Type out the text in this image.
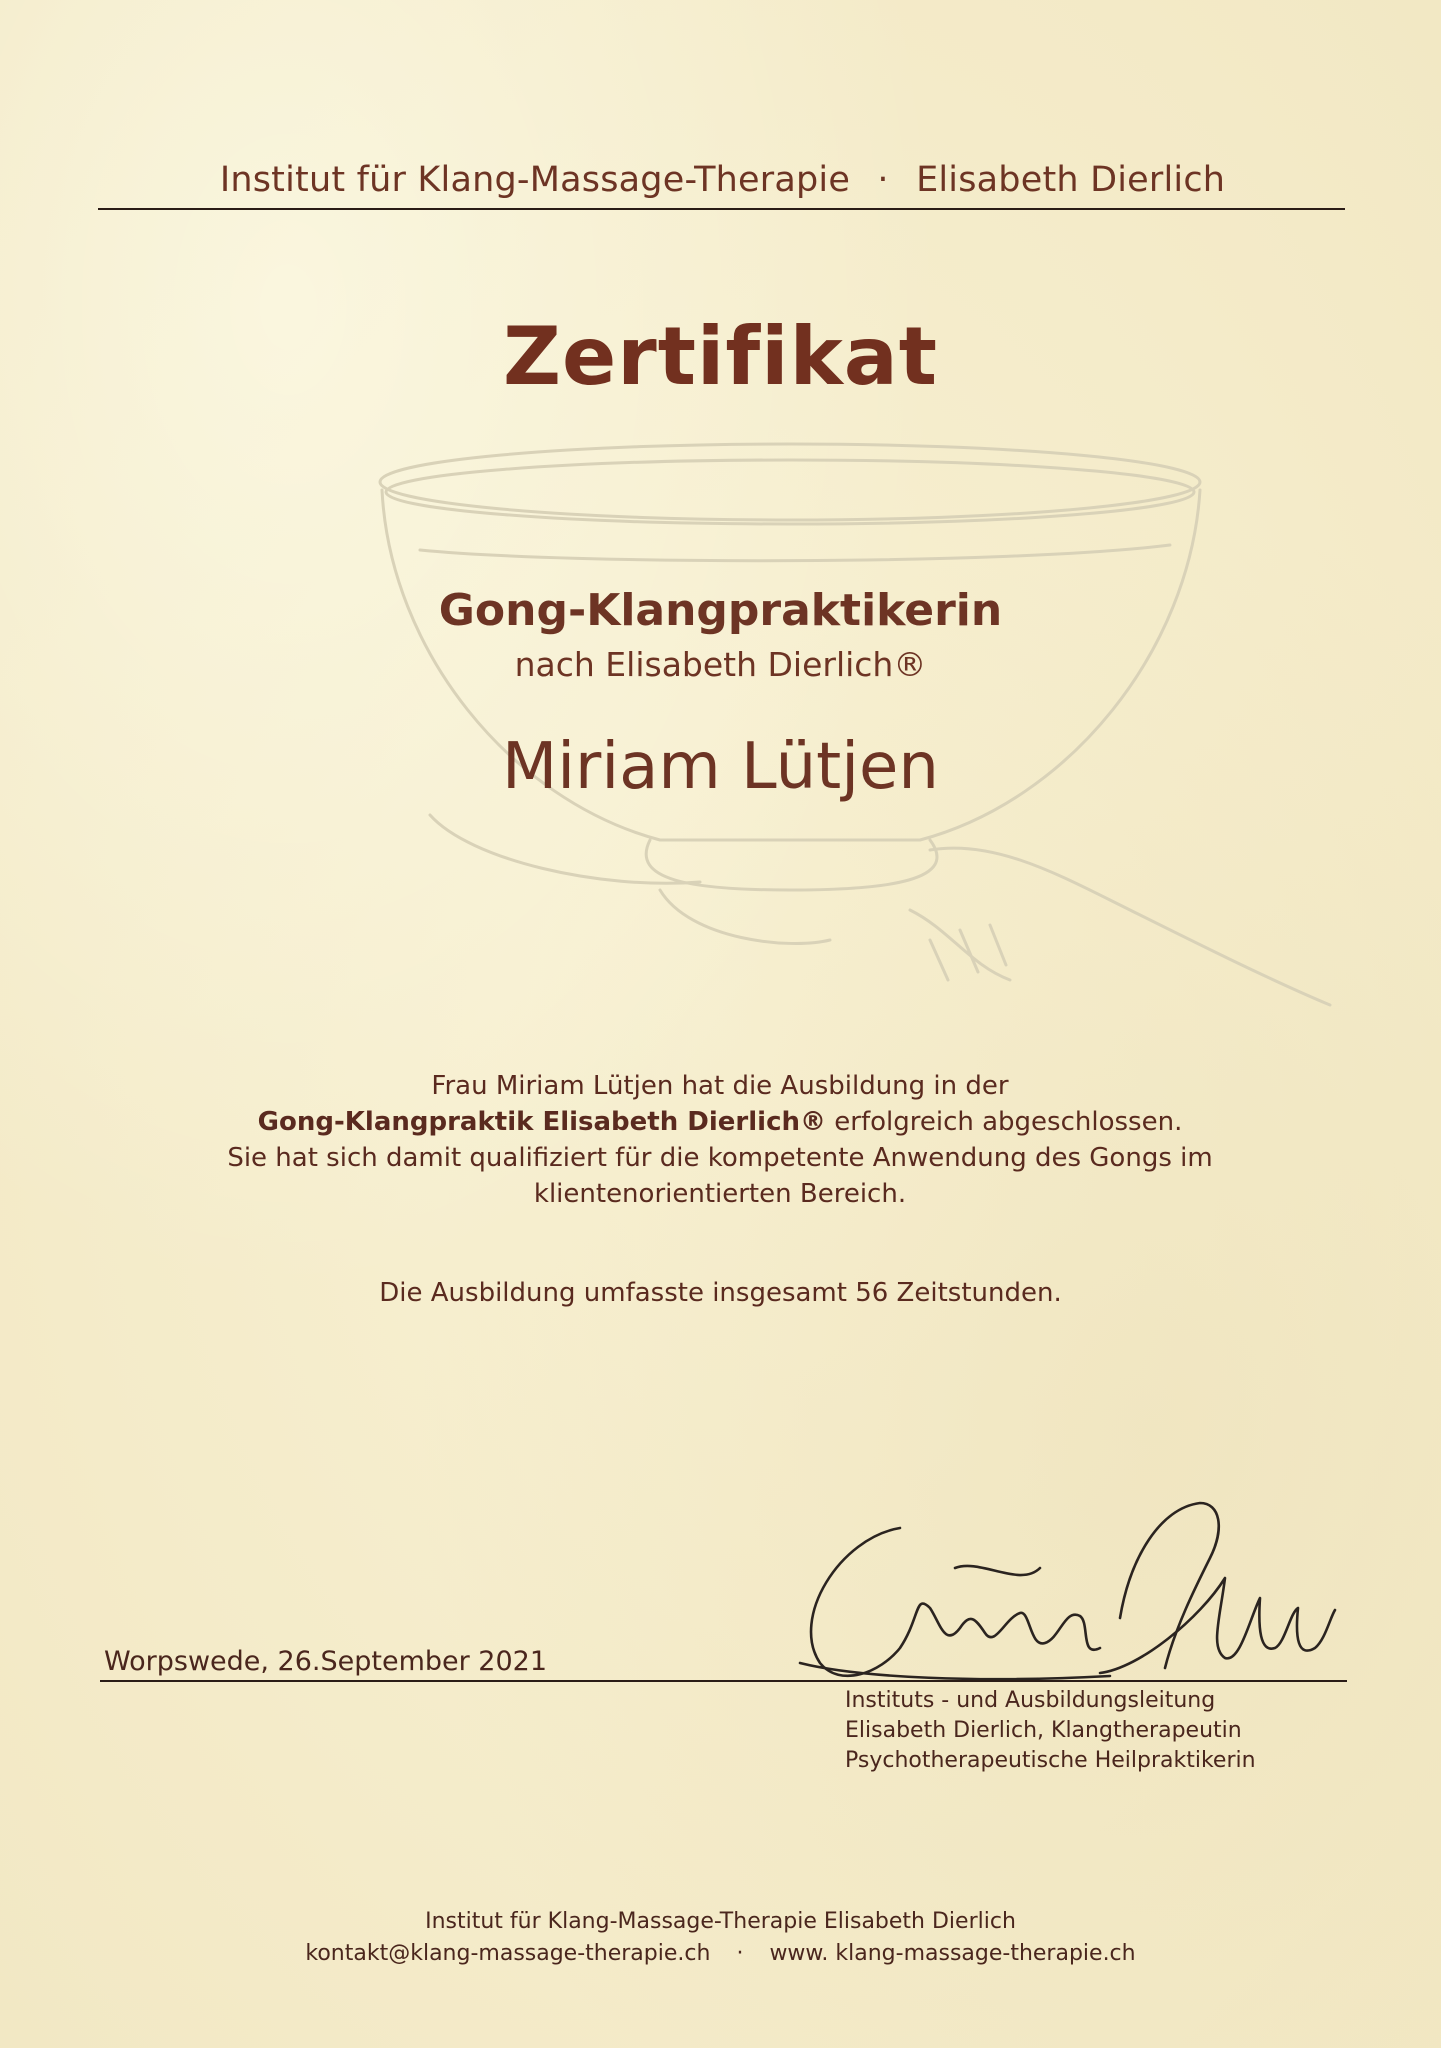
Institut für Klang-Massage-Therapie · Elisabeth Dierlich
Zertifikat
Gong-Klangpraktikerin
nach Elisabeth Dierlich®
Miriam Lütjen
Frau Miriam Lütjen hat die Ausbildung in der
Gong-Klangpraktik Elisabeth Dierlich® erfolgreich abgeschlossen.
Sie hat sich damit qualifiziert für die kompetente Anwendung des Gongs im
klientenorientierten Bereich.
Die Ausbildung umfasste insgesamt 56 Zeitstunden.
Worpswede, 26.September 2021
Instituts - und Ausbildungsleitung
Elisabeth Dierlich, Klangtherapeutin
Psychotherapeutische Heilpraktikerin
Institut für Klang-Massage-Therapie Elisabeth Dierlich
kontakt@klang-massage-therapie.ch · www. klang-massage-therapie.ch
